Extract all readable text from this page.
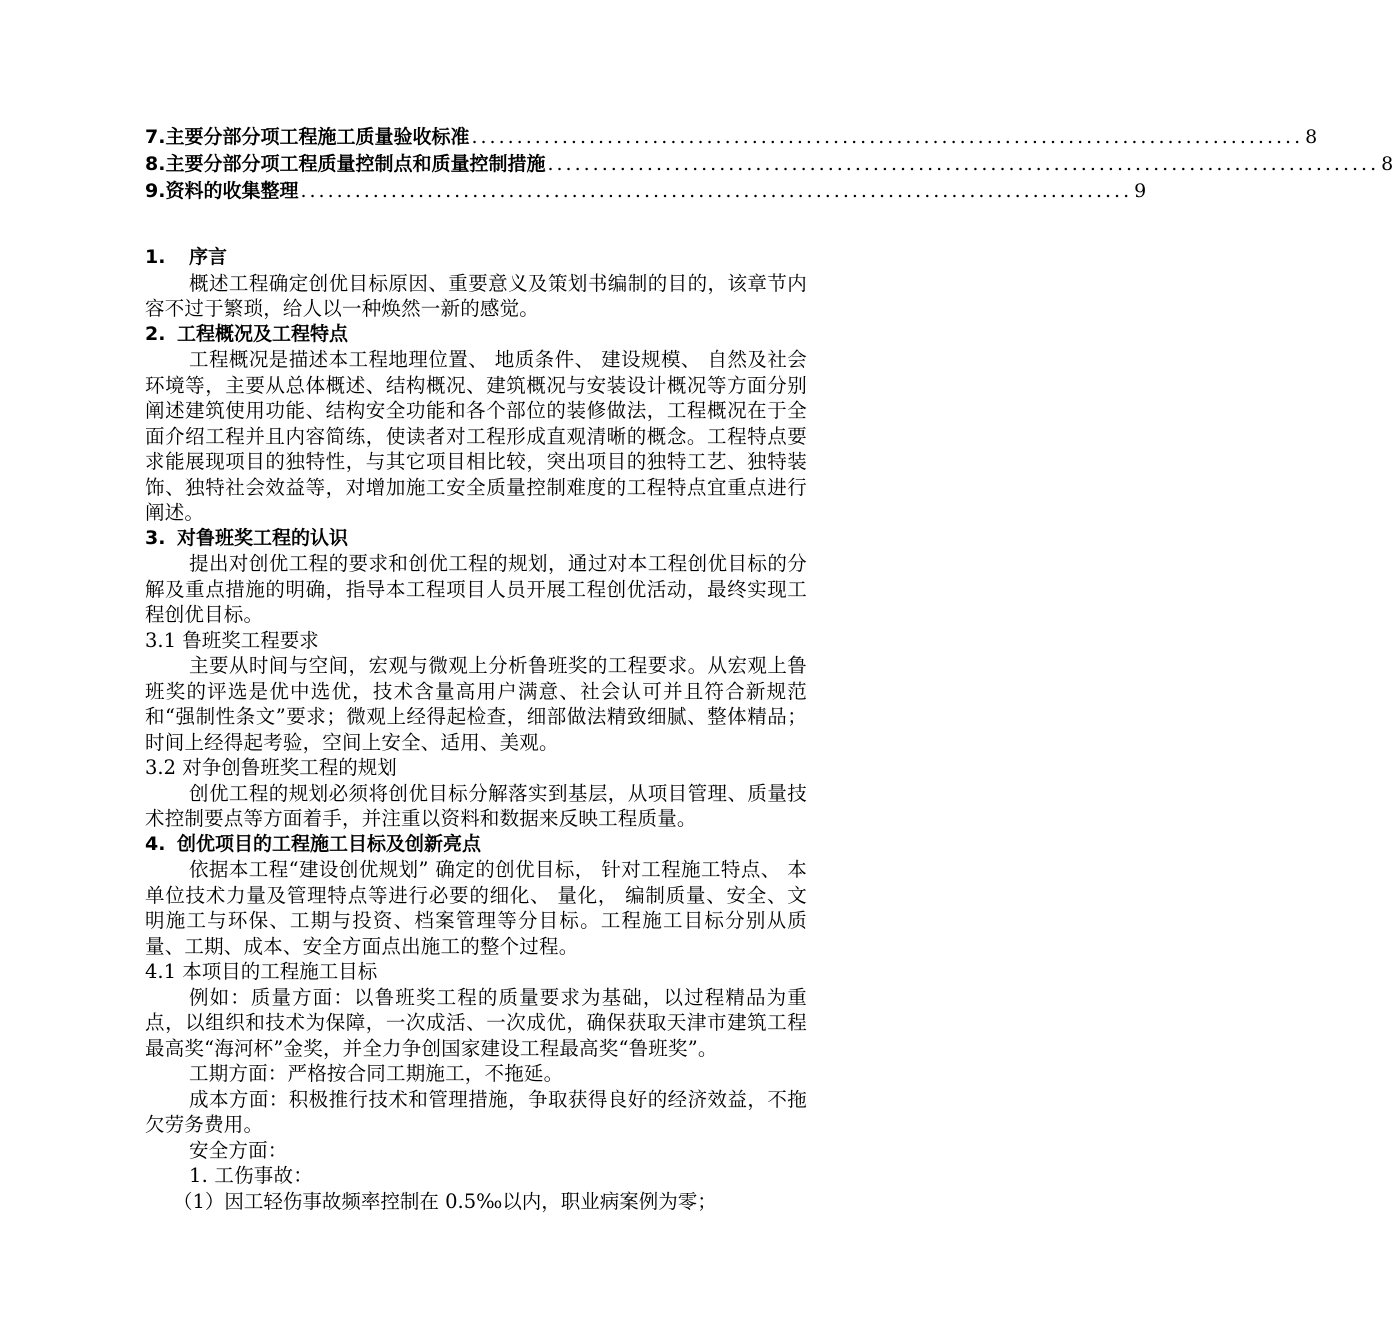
7. 主要分部分项工程施工质量验收标准 ............................................................................................ 8
8. 主要分部分项工程质量控制点和质量控制措施 ............................................................................................ 8
9. 资料的收集整理 ............................................................................................ 9
1. 序言

概述工程确定创优目标原因、重要意义及策划书编制的目的，该章节内容不过于繁琐，给人以一种焕然一新的感觉。

2. 工程概况及工程特点

工程概况是描述本工程地理位置、 地质条件、 建设规模、 自然及社会环境等，主要从总体概述、结构概况、建筑概况与安装设计概况等方面分别阐述建筑使用功能、结构安全功能和各个部位的装修做法，工程概况在于全面介绍工程并且内容简练，使读者对工程形成直观清晰的概念。工程特点要求能展现项目的独特性，与其它项目相比较，突出项目的独特工艺、独特装饰、独特社会效益等，对增加施工安全质量控制难度的工程特点宜重点进行阐述。

3. 对鲁班奖工程的认识

提出对创优工程的要求和创优工程的规划，通过对本工程创优目标的分解及重点措施的明确，指导本工程项目人员开展工程创优活动，最终实现工程创优目标。

3.1 鲁班奖工程要求

主要从时间与空间，宏观与微观上分析鲁班奖的工程要求。从宏观上鲁班奖的评选是优中选优，技术含量高用户满意、社会认可并且符合新规范和“强制性条文”要求；微观上经得起检查，细部做法精致细腻、整体精品；时间上经得起考验，空间上安全、适用、美观。

3.2 对争创鲁班奖工程的规划

创优工程的规划必须将创优目标分解落实到基层，从项目管理、质量技术控制要点等方面着手，并注重以资料和数据来反映工程质量。

4. 创优项目的工程施工目标及创新亮点

依据本工程“建设创优规划” 确定的创优目标， 针对工程施工特点、 本单位技术力量及管理特点等进行必要的细化、 量化， 编制质量、安全、文明施工与环保、工期与投资、档案管理等分目标。工程施工目标分别从质量、工期、成本、安全方面点出施工的整个过程。

4.1 本项目的工程施工目标

例如：质量方面：以鲁班奖工程的质量要求为基础，以过程精品为重点，以组织和技术为保障，一次成活、一次成优，确保获取天津市建筑工程最高奖“海河杯”金奖，并全力争创国家建设工程最高奖“鲁班奖”。

工期方面：严格按合同工期施工，不拖延。

成本方面：积极推行技术和管理措施，争取获得良好的经济效益，不拖欠劳务费用。

安全方面：

1. 工伤事故：

（1）因工轻伤事故频率控制在 0.5‰以内，职业病案例为零；
